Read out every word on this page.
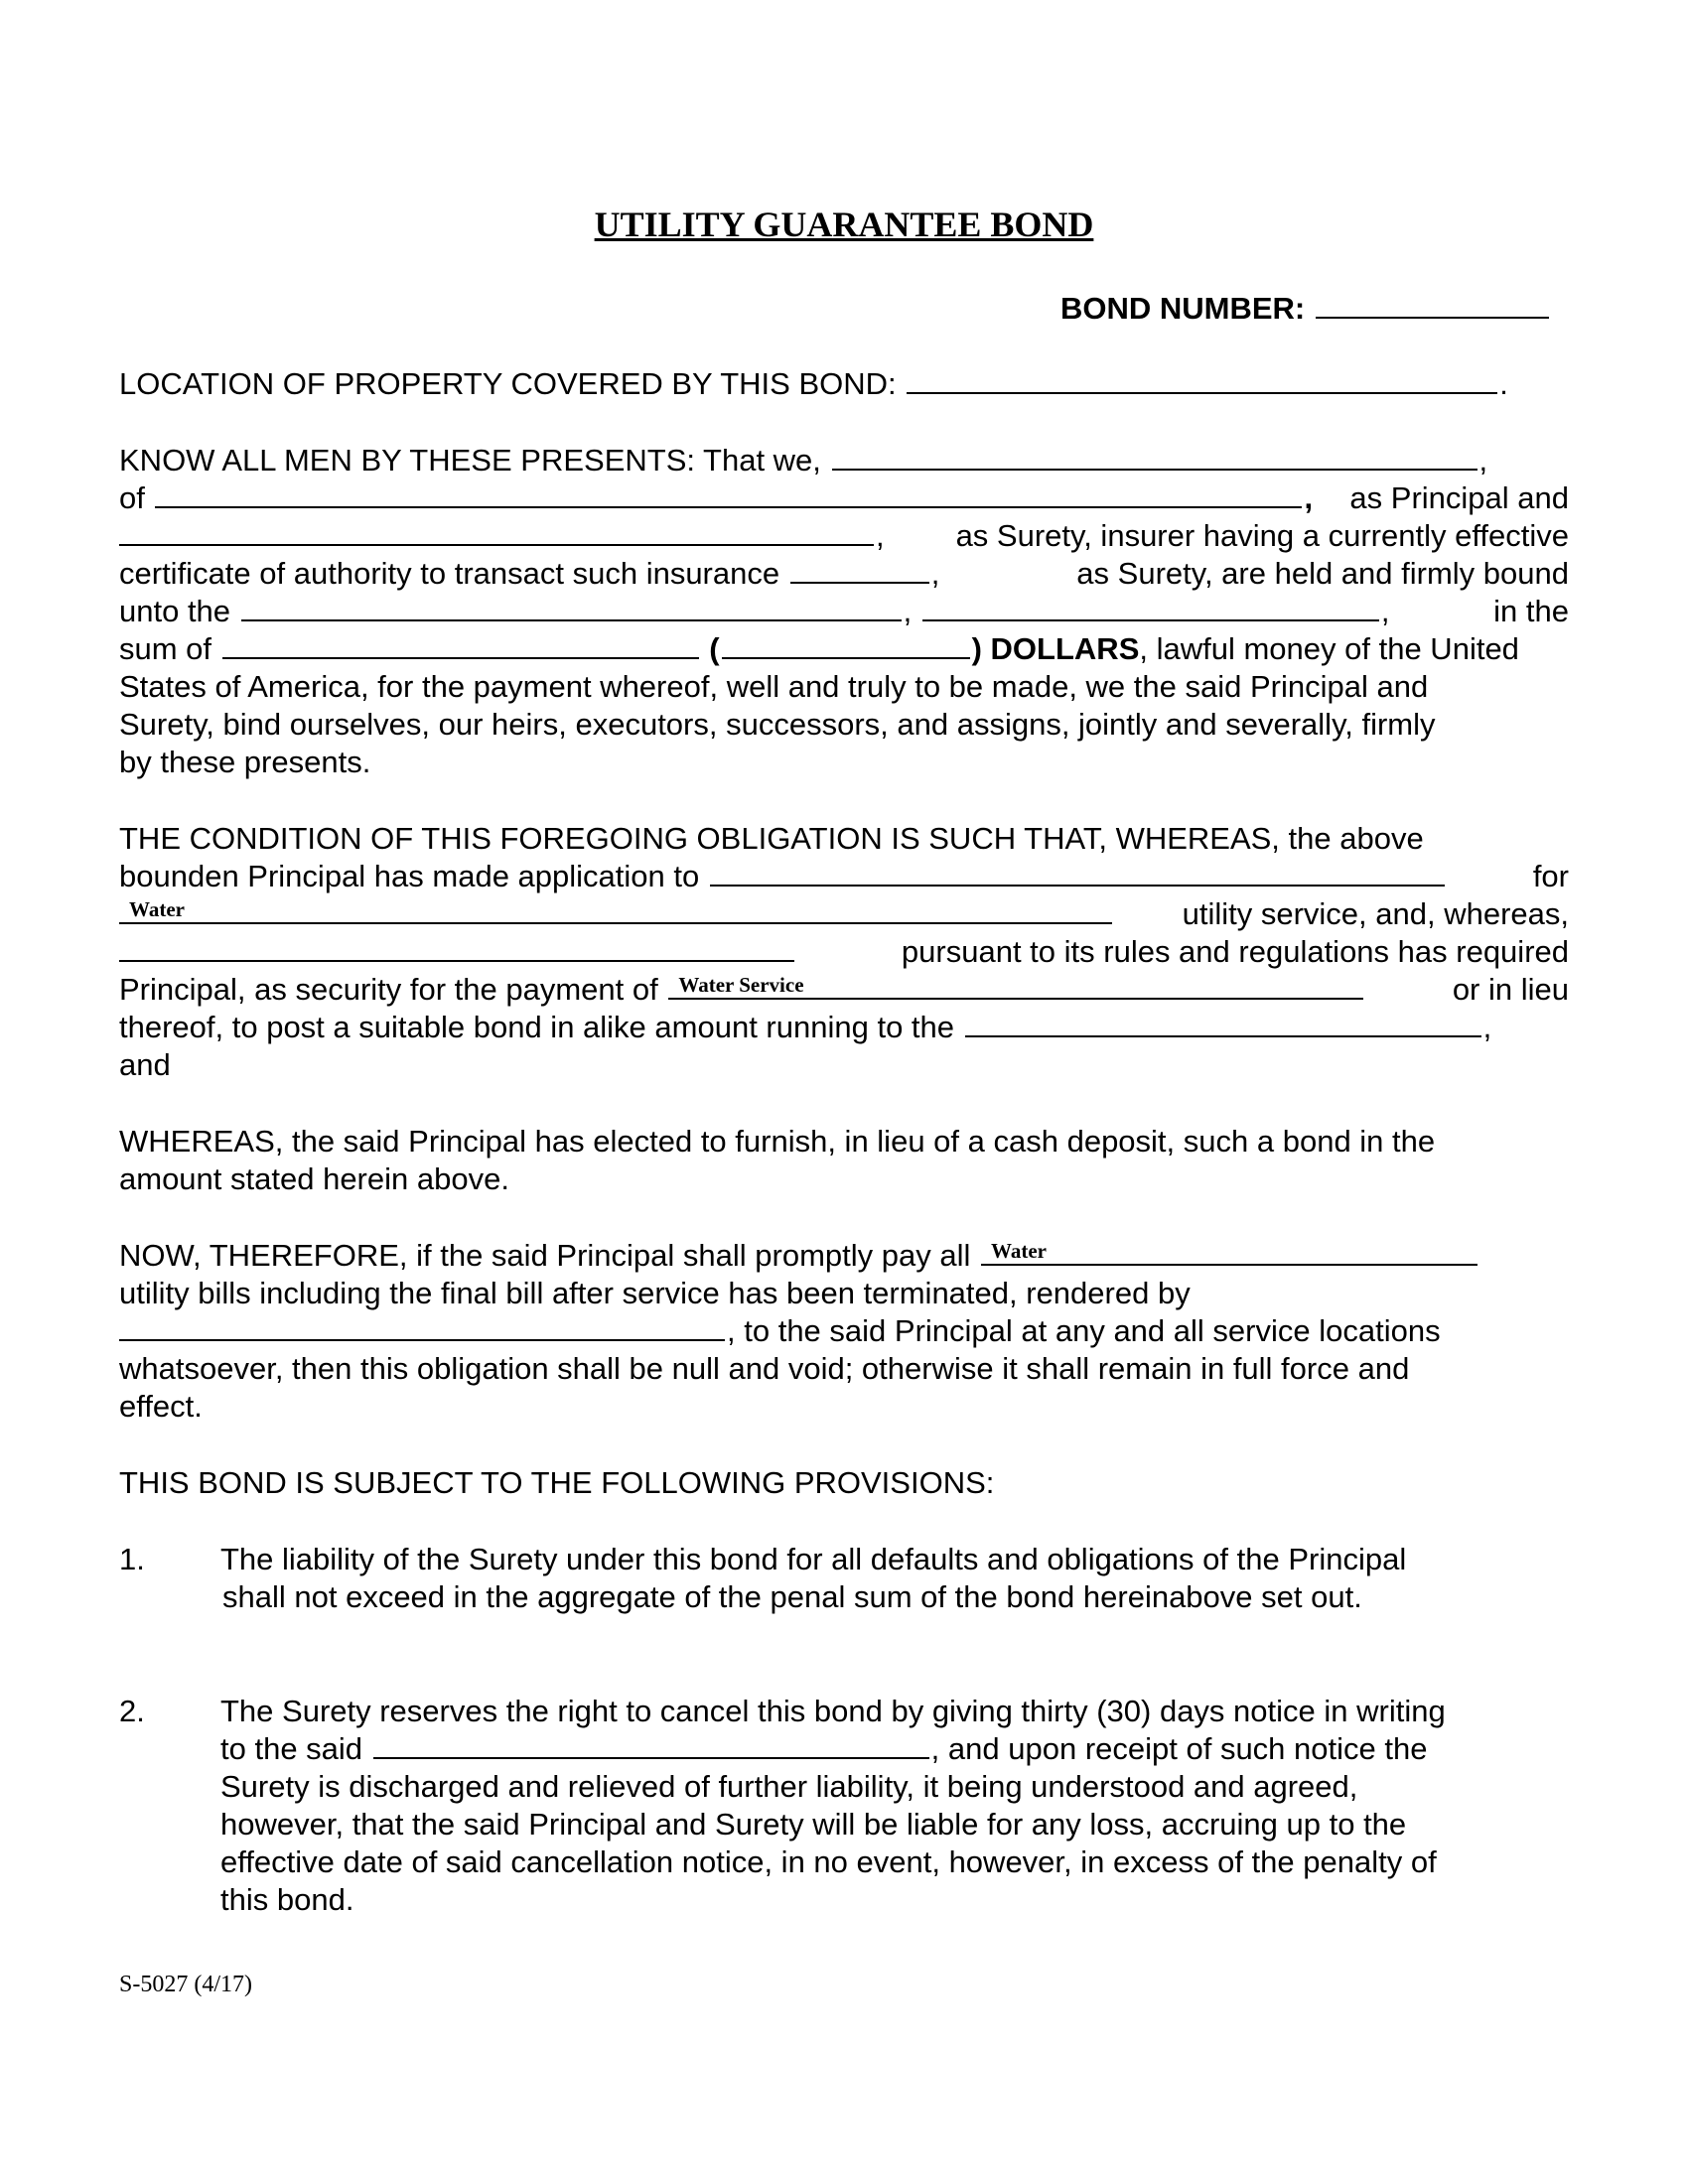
UTILITY GUARANTEE BOND
BOND NUMBER:
LOCATION OF PROPERTY COVERED BY THIS BOND:	.
KNOW ALL MEN BY THESE PRESENTS: That we,	,
of	, as Principal and
, as Surety, insurer having a currently effective
certificate of authority to transact such insurance	,	as Surety, are held and firmly bound
unto the	,	,	in the
sum of	(	) DOLLARS, lawful money of the United
States of America, for the payment whereof, well and truly to be made, we the said Principal and
Surety, bind ourselves, our heirs, executors, successors, and assigns, jointly and severally, firmly
by these presents.
THE CONDITION OF THIS FOREGOING OBLIGATION IS SUCH THAT, WHEREAS, the above
bounden Principal has made application to	for
Water	utility service, and, whereas,
pursuant to its rules and regulations has required
Principal, as security for the payment of Water Service	or in lieu
thereof, to post a suitable bond in alike amount running to the	,
and
WHEREAS, the said Principal has elected to furnish, in lieu of a cash deposit, such a bond in the
amount stated herein above.
NOW, THEREFORE, if the said Principal shall promptly pay all Water
utility bills including the final bill after service has been terminated, rendered by
, to the said Principal at any and all service locations
whatsoever, then this obligation shall be null and void; otherwise it shall remain in full force and
effect.
THIS BOND IS SUBJECT TO THE FOLLOWING PROVISIONS:
1.	The liability of the Surety under this bond for all defaults and obligations of the Principal
shall not exceed in the aggregate of the penal sum of the bond hereinabove set out.
2.	The Surety reserves the right to cancel this bond by giving thirty (30) days notice in writing
to the said	, and upon receipt of such notice the
Surety is discharged and relieved of further liability, it being understood and agreed,
however, that the said Principal and Surety will be liable for any loss, accruing up to the
effective date of said cancellation notice, in no event, however, in excess of the penalty of
this bond.
S-5027 (4/17)
